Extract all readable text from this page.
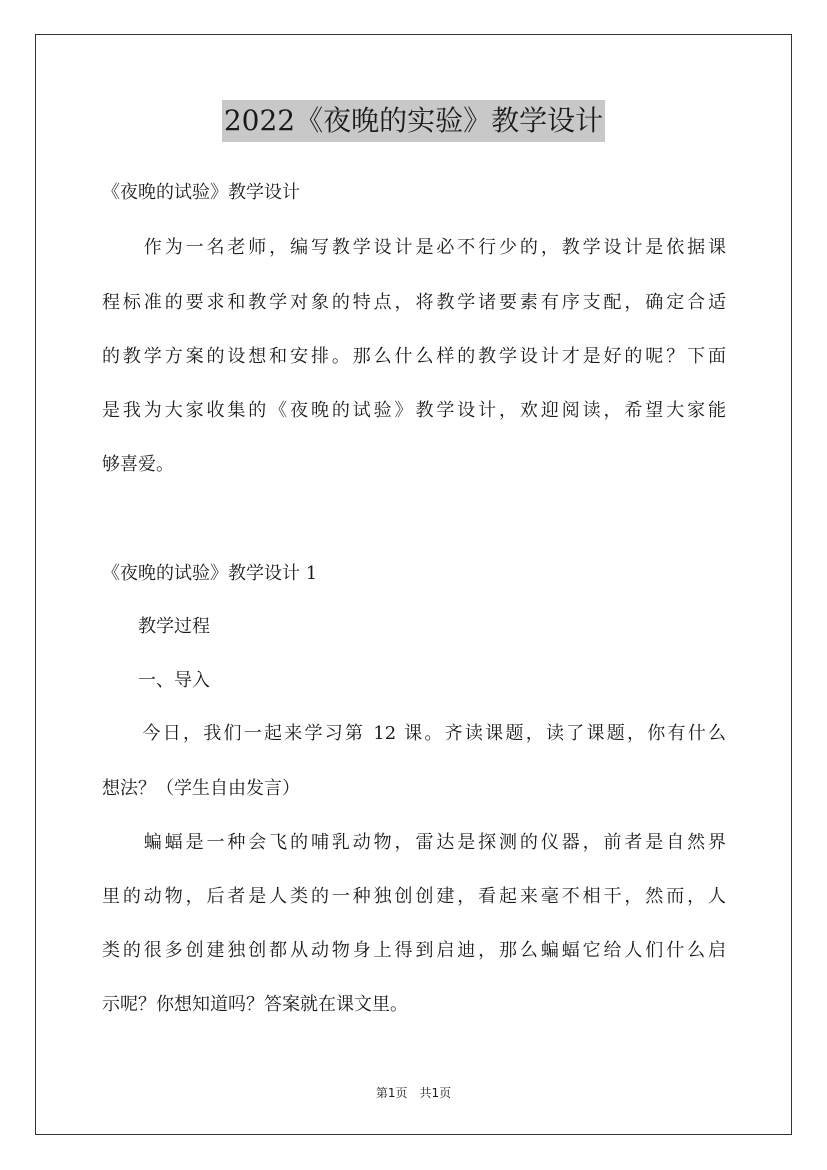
2022《夜晚的实验》教学设计
《夜晚的试验》教学设计
　　作为一名老师，编写教学设计是必不行少的，教学设计是依据课
程标准的要求和教学对象的特点，将教学诸要素有序支配，确定合适
的教学方案的设想和安排。那么什么样的教学设计才是好的呢？下面
是我为大家收集的《夜晚的试验》教学设计，欢迎阅读，希望大家能
够喜爱。
《夜晚的试验》教学设计 1
　　教学过程
　　一、导入
　　今日，我们一起来学习第 12 课。齐读课题，读了课题，你有什么
想法？（学生自由发言）
　　蝙蝠是一种会飞的哺乳动物，雷达是探测的仪器，前者是自然界
里的动物，后者是人类的一种独创创建，看起来毫不相干，然而，人
类的很多创建独创都从动物身上得到启迪，那么蝙蝠它给人们什么启
示呢？你想知道吗？答案就在课文里。
第1页　共1页
